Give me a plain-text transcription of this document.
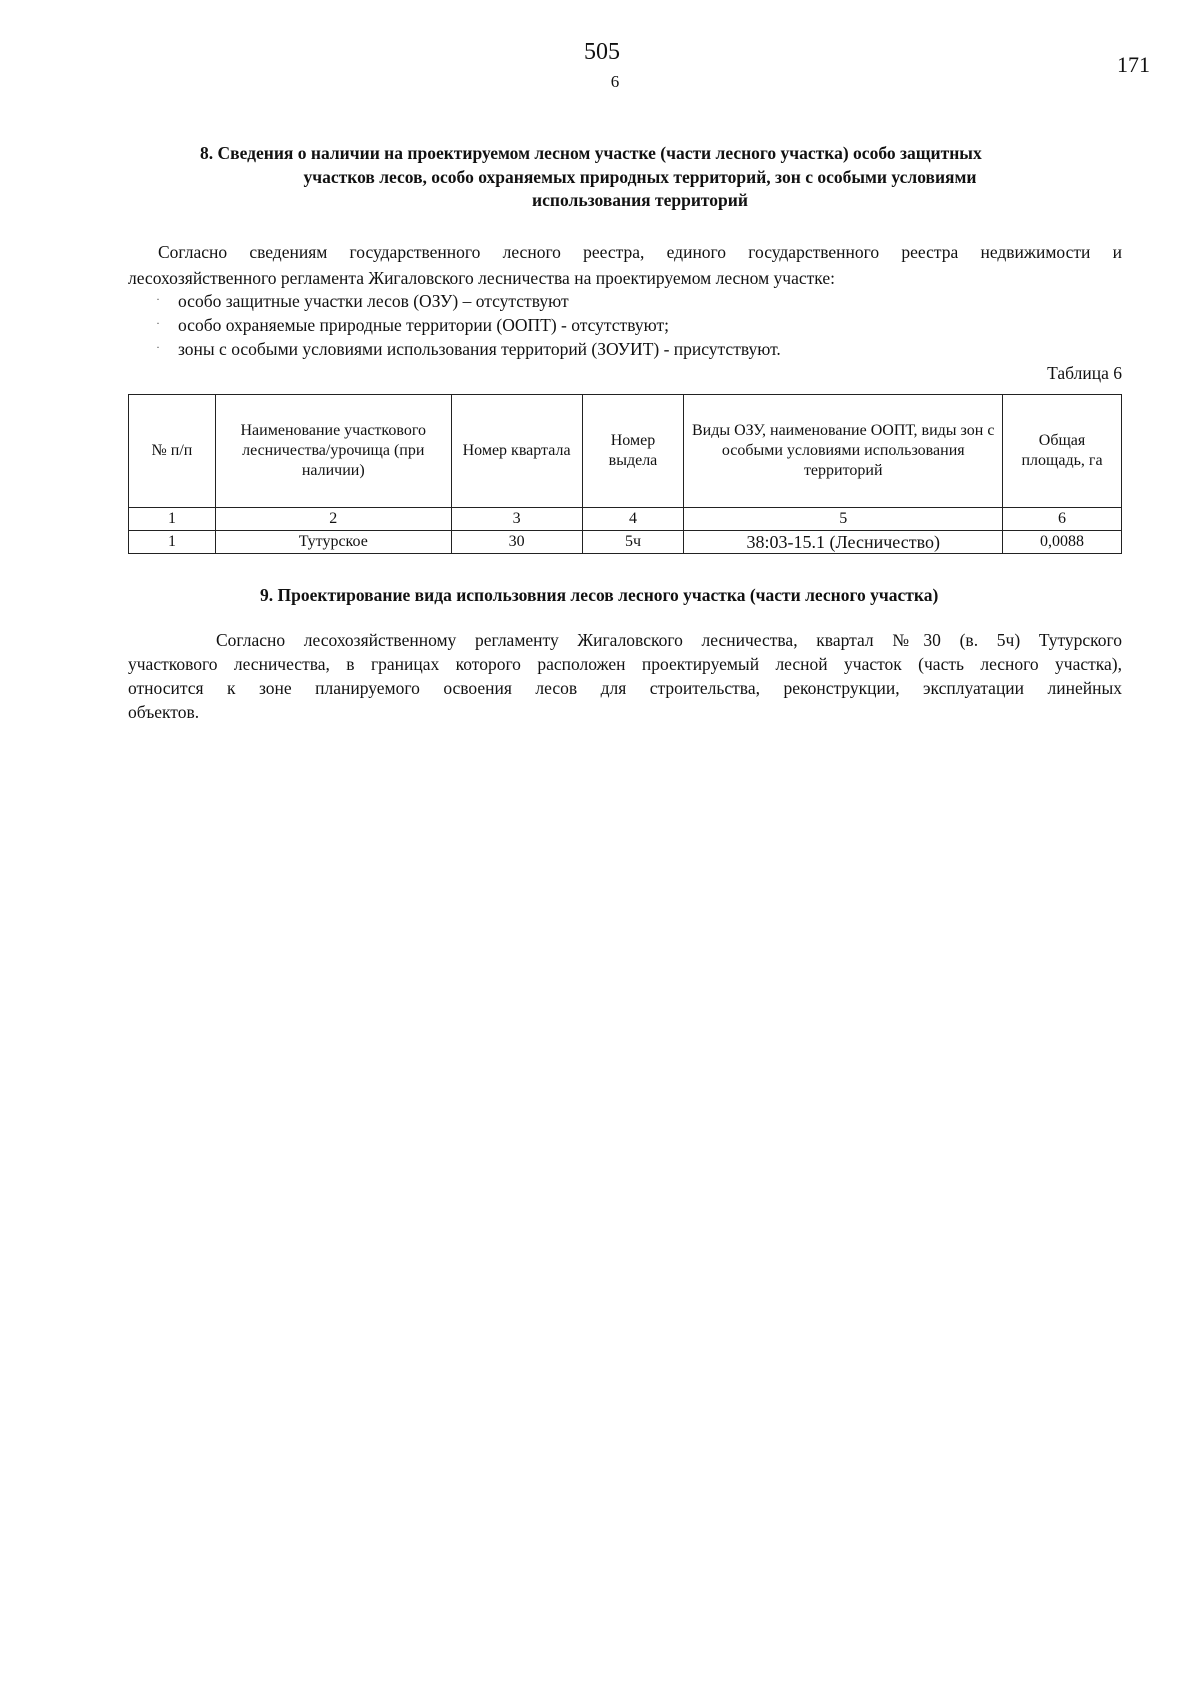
505
6
171
8. Сведения о наличии на проектируемом лесном участке (части лесного участка) особо защитных
участков лесов, особо охраняемых природных территорий, зон с особыми условиями
использования территорий
Согласно сведениям государственного лесного реестра, единого государственного реестра недвижимости и
лесохозяйственного регламента Жигаловского лесничества на проектируемом лесном участке:
· особо защитные участки лесов (ОЗУ) – отсутствуют
· особо охраняемые природные территории (ООПТ) - отсутствуют;
· зоны с особыми условиями использования территорий (ЗОУИТ) - присутствуют.
Таблица 6
№ п/п	Наименование участкового лесничества/урочища (при наличии)	Номер квартала	Номер выдела	Виды ОЗУ, наименование ООПТ, виды зон с особыми условиями использования территорий	Общая площадь, га
1	2	3	4	5	6
1	Тутурское	30	5ч	38:03-15.1 (Лесничество)	0,0088
9. Проектирование вида использовния лесов лесного участка (части лесного участка)
Согласно лесохозяйственному регламенту Жигаловского лесничества, квартал №30 (в. 5ч) Тутурского
участкового лесничества, в границах которого расположен проектируемый лесной участок (часть лесного участка),
относится к зоне планируемого освоения лесов для строительства, реконструкции, эксплуатации линейных
объектов.
